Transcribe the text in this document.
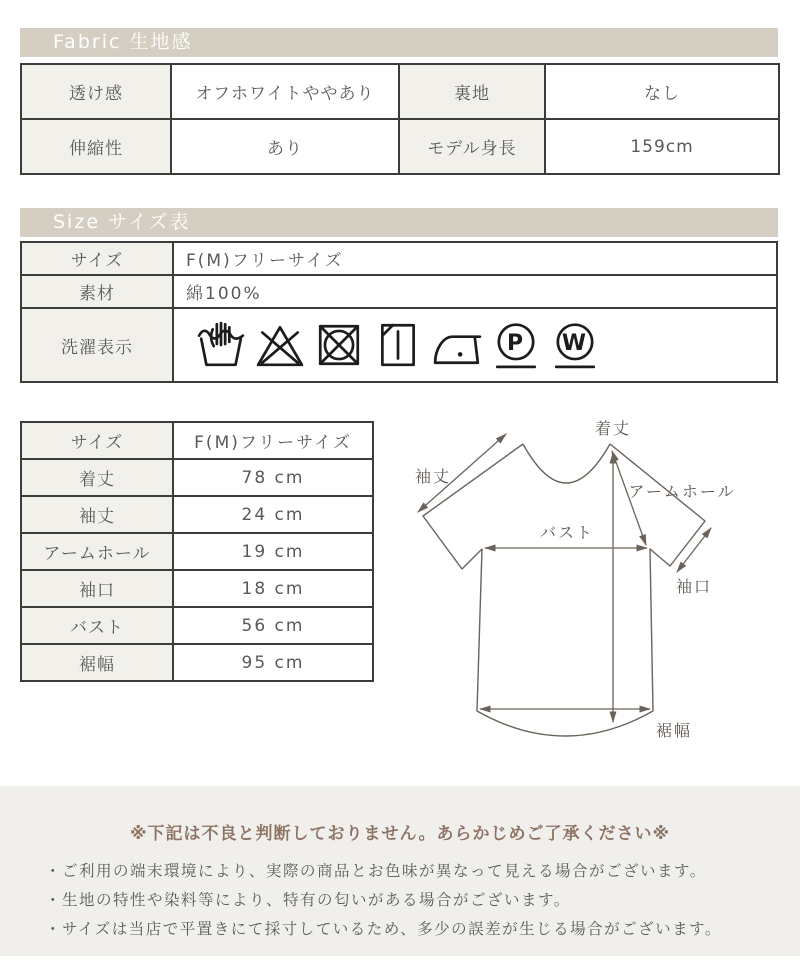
Fabric 生地感
透け感	オフホワイトややあり	裏地	なし
伸縮性	あり	モデル身長	159cm
Size サイズ表
サイズ	F(M)フリーサイズ
素材	綿100%
洗濯表示	P W
サイズ	F(M)フリーサイズ
着丈	78 cm
袖丈	24 cm
アームホール	19 cm
袖口	18 cm
バスト	56 cm
裾幅	95 cm
着丈
袖丈
アームホール
バスト
袖口
裾幅
※下記は不良と判断しておりません。あらかじめご了承ください※
・ご利用の端末環境により、実際の商品とお色味が異なって見える場合がございます。
・生地の特性や染料等により、特有の匂いがある場合がございます。
・サイズは当店で平置きにて採寸しているため、多少の誤差が生じる場合がございます。
